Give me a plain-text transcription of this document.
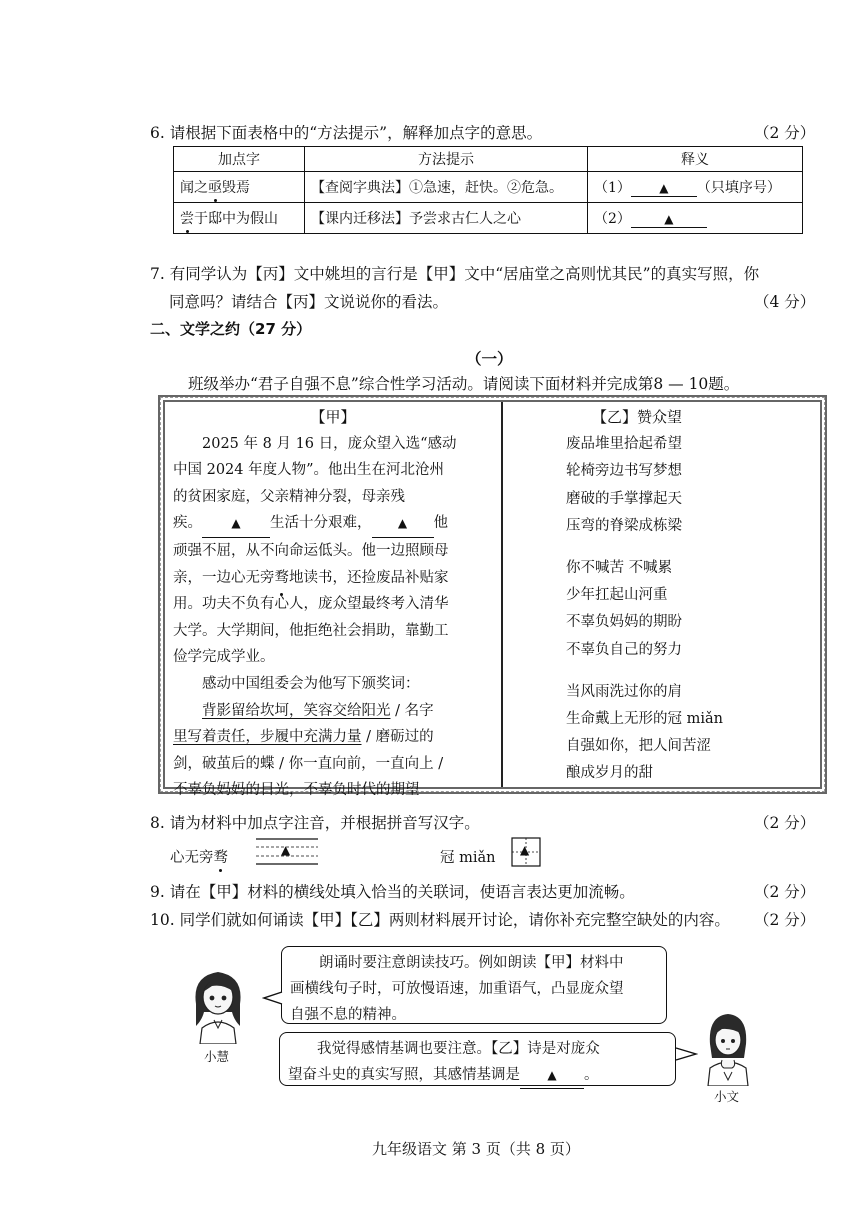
6. 请根据下面表格中的“方法提示”，解释加点字的意思。	（2 分）
加点字	方法提示	释义
闻之亟毁焉	【查阅字典法】①急速，赶快。②危急。	（1） ▲ （只填序号）
尝于邸中为假山	【课内迁移法】予尝求古仁人之心	（2） ▲
7. 有同学认为【丙】文中姚坦的言行是【甲】文中“居庙堂之高则忧其民”的真实写照，你
同意吗？请结合【丙】文说说你的看法。	（4 分）
二、文学之约（27 分）
（一）
班级举办“君子自强不息”综合性学习活动。请阅读下面材料并完成第8 — 10题。

【甲】

2025 年 8 月 16 日，庞众望入选“感动

中国 2024 年度人物”。他出生在河北沧州

的贫困家庭，父亲精神分裂，母亲残

疾。 ▲ 生活十分艰难， ▲ 他

顽强不屈，从不向命运低头。他一边照顾母

亲，一边心无旁骛地读书，还捡废品补贴家

用。功夫不负有心人，庞众望最终考入清华

大学。大学期间，他拒绝社会捐助，靠勤工

俭学完成学业。

感动中国组委会为他写下颁奖词：

背影留给坎坷，笑容交给阳光 / 名字

里写着责任，步履中充满力量 / 磨砺过的

剑，破茧后的蝶 / 你一直向前，一直向上 /

不辜负妈妈的目光，不辜负时代的期望

【乙】赞众望
废品堆里拾起希望
轮椅旁边书写梦想
磨破的手掌撑起天
压弯的脊梁成栋梁
你不喊苦 不喊累
少年扛起山河重
不辜负妈妈的期盼
不辜负自己的努力
当风雨洗过你的肩
生命戴上无形的冠 miǎn
自强如你，把人间苦涩
酿成岁月的甜
8. 请为材料中加点字注音，并根据拼音写汉字。	（2 分）
心无旁骛	▲	冠 miǎn ▲
9. 请在【甲】材料的横线处填入恰当的关联词，使语言表达更加流畅。	（2 分）
10. 同学们就如何诵读【甲】【乙】两则材料展开讨论，请你补充完整空缺处的内容。 （2 分）
小慧
朗诵时要注意朗读技巧。例如朗读【甲】材料中
画横线句子时，可放慢语速，加重语气，凸显庞众望
自强不息的精神。
我觉得感情基调也要注意。【乙】诗是对庞众
望奋斗史的真实写照，其感情基调是 ▲ 。
小文
九年级语文 第 3 页（共 8 页）
